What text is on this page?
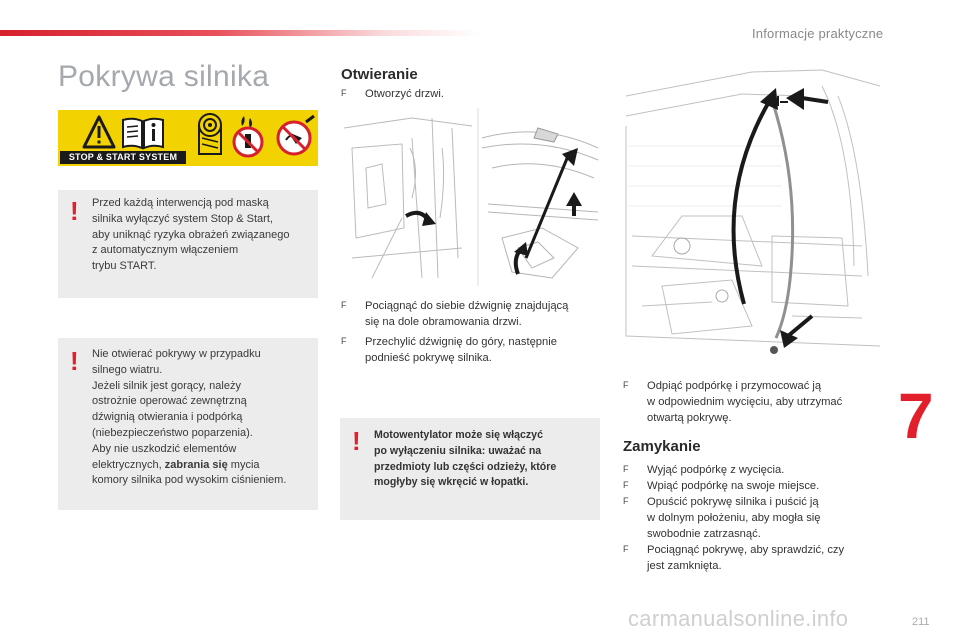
Informacje praktyczne
Pokrywa silnika
STOP & START SYSTEM
! Przed każdą interwencją pod maską
silnika wyłączyć system Stop & Start,
aby uniknąć ryzyka obrażeń związanego
z automatycznym włączeniem
trybu START.
! Nie otwierać pokrywy w przypadku
silnego wiatru.
Jeżeli silnik jest gorący, należy
ostrożnie operować zewnętrzną
dźwignią otwierania i podpórką
(niebezpieczeństwo poparzenia).
Aby nie uszkodzić elementów
elektrycznych, zabrania się mycia
komory silnika pod wysokim ciśnieniem.
Otwieranie
F	Otworzyć drzwi.
F	Pociągnąć do siebie dźwignię znajdującą
się na dole obramowania drzwi.
F	Przechylić dźwignię do góry, następnie
podnieść pokrywę silnika.
! Motowentylator może się włączyć
po wyłączeniu silnika: uważać na
przedmioty lub części odzieży, które
mogłyby się wkręcić w łopatki.
F	Odpiąć podpórkę i przymocować ją
w odpowiednim wycięciu, aby utrzymać
otwartą pokrywę.
Zamykanie
F	Wyjąć podpórkę z wycięcia.
F	Wpiąć podpórkę na swoje miejsce.
F	Opuścić pokrywę silnika i puścić ją
w dolnym położeniu, aby mogła się
swobodnie zatrzasnąć.
F	Pociągnąć pokrywę, aby sprawdzić, czy
jest zamknięta.
7
carmanualsonline.info	211
